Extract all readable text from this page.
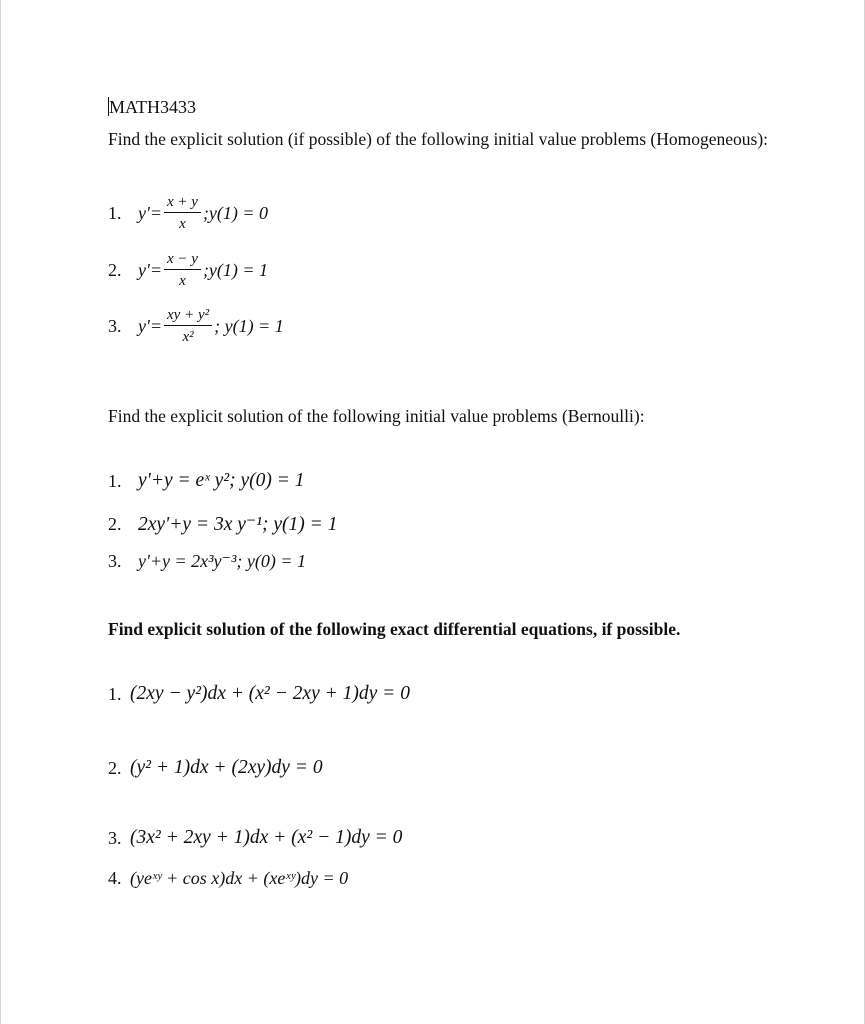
MATH3433
Find the explicit solution (if possible) of the following initial value problems (Homogeneous):
1. $y'= \frac{x + y}{x}$ ;y(1) = 0
2. $y'= \frac{x - y}{x}$ ;y(1) = 1
3. $y'= \frac{\text{xy + y²}}{\text{x²}}$ ; y(1) = 1
Find the explicit solution of the following initial value problems (Bernoulli):
1. y'+y = eˣ y²; y(0) = 1
2. 2xy'+y = 3x y⁻¹; y(1) = 1
3. y'+y = 2x³y⁻³; y(0) = 1
Find explicit solution of the following exact differential equations, if possible.
1. (2xy − y²)dx + (x² − 2xy + 1)dy = 0
2. (y² + 1)dx + (2xy)dy = 0
3. (3x² + 2xy + 1)dx + (x² − 1)dy = 0
4. (yeˣʸ + cos x)dx + (xeˣʸ)dy = 0
